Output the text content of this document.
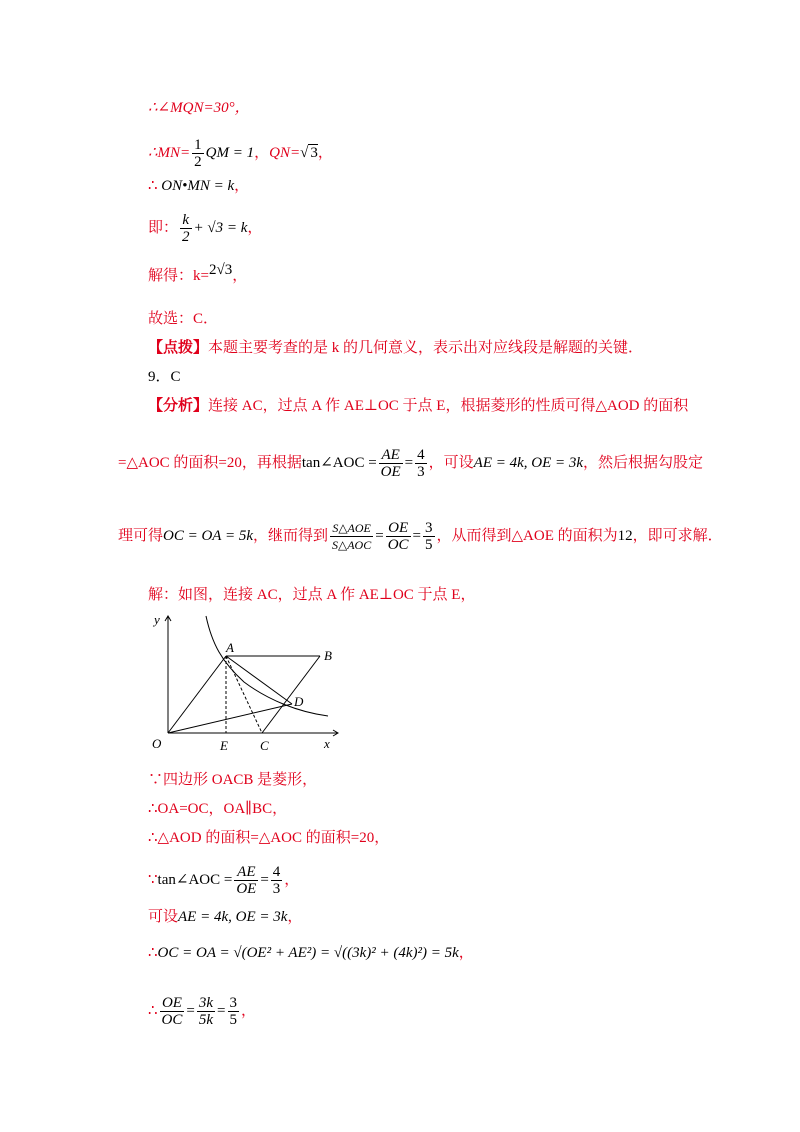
∴∠MQN=30°，
∴MN= $\frac{1}{2}$ QM = 1，QN=√ 3，
∴ ON•MN = k，
即： $\frac{k}{2} + √3 = k$，
解得：k=2√3，
故选：C．
【点拨】本题主要考查的是 k 的几何意义，表示出对应线段是解题的关键．
9．C
【分析】连接 AC，过点 A 作 AE⊥OC 于点 E，根据菱形的性质可得△AOD 的面积
=△AOC 的面积=20，再根据tan∠AOC = $\frac{AE}{OE} = \frac{4}{3}$ ，可设AE = 4k, OE = 3k，然后根据勾股定
理可得OC = OA = 5k，继而得到 $\frac{\text{S△AOE}}{\text{S△AOC}} = \frac{OE}{OC} = \frac{3}{5}$ ，从而得到△AOE 的面积为12，即可求解．
解：如图，连接 AC，过点 A 作 AE⊥OC 于点 E，
y
x
O
A
B
D
E C
∵四边形 OACB 是菱形，
∴OA=OC，OA∥BC，
∴△AOD 的面积=△AOC 的面积=20，
∵tan∠AOC = $\frac{AE}{OE} = \frac{4}{3}$ ，
可设AE = 4k, OE = 3k，
∴OC = OA = √(OE² + AE²) = √((3k)² + (4k)²) = 5k，
∴ $\frac{OE}{OC} = \frac{3k}{5k} = \frac{3}{5}$ ，
